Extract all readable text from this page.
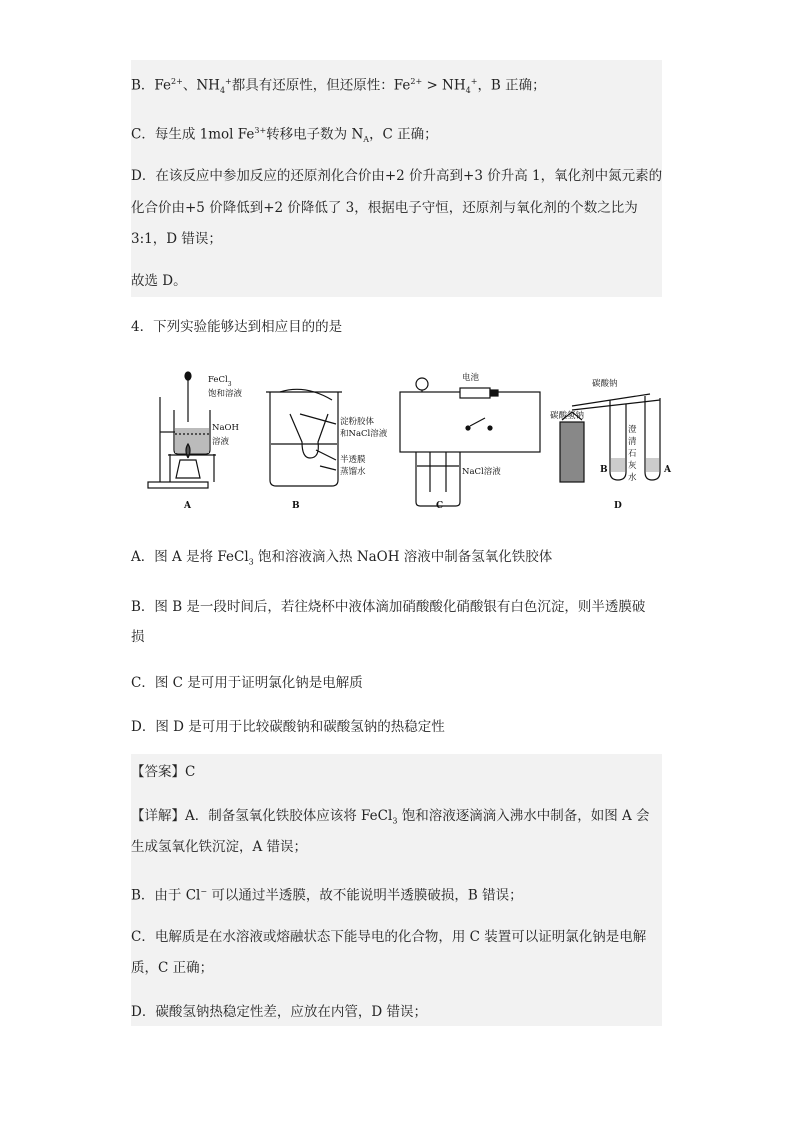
B．$Fe^{2+}$、$NH_4^+$都具有还原性，但还原性：$Fe^{2+} > NH_4^+$，B 正确；
C．每生成 1mol $Fe^{3+}$转移电子数为 $N_A$，C 正确；
D．在该反应中参加反应的还原剂化合价由+2 价升高到+3 价升高 1，氧化剂中氮元素的
化合价由+5 价降低到+2 价降低了 3，根据电子守恒，还原剂与氧化剂的个数之比为
3:1，D 错误；
故选 D。
4．下列实验能够达到相应目的的是
FeCl$_3$
饱和溶液
NaOH
溶液
A
淀粉胶体
和NaCl溶液
半透膜
蒸馏水
B
电池
NaCl溶液
C
碳酸钠
碳酸氢钠
澄
清
石
灰
水
A
B
D
A．图 A 是将 FeCl$_3$ 饱和溶液滴入热 NaOH 溶液中制备氢氧化铁胶体
B．图 B 是一段时间后，若往烧杯中液体滴加硝酸酸化硝酸银有白色沉淀，则半透膜破
损
C．图 C 是可用于证明氯化钠是电解质
D．图 D 是可用于比较碳酸钠和碳酸氢钠的热稳定性
【答案】C
【详解】A．制备氢氧化铁胶体应该将 FeCl$_3$ 饱和溶液逐滴滴入沸水中制备，如图 A 会
生成氢氧化铁沉淀，A 错误；
B．由于 Cl− 可以通过半透膜，故不能说明半透膜破损，B 错误；
C．电解质是在水溶液或熔融状态下能导电的化合物，用 C 装置可以证明氯化钠是电解
质，C 正确；
D．碳酸氢钠热稳定性差，应放在内管，D 错误；
